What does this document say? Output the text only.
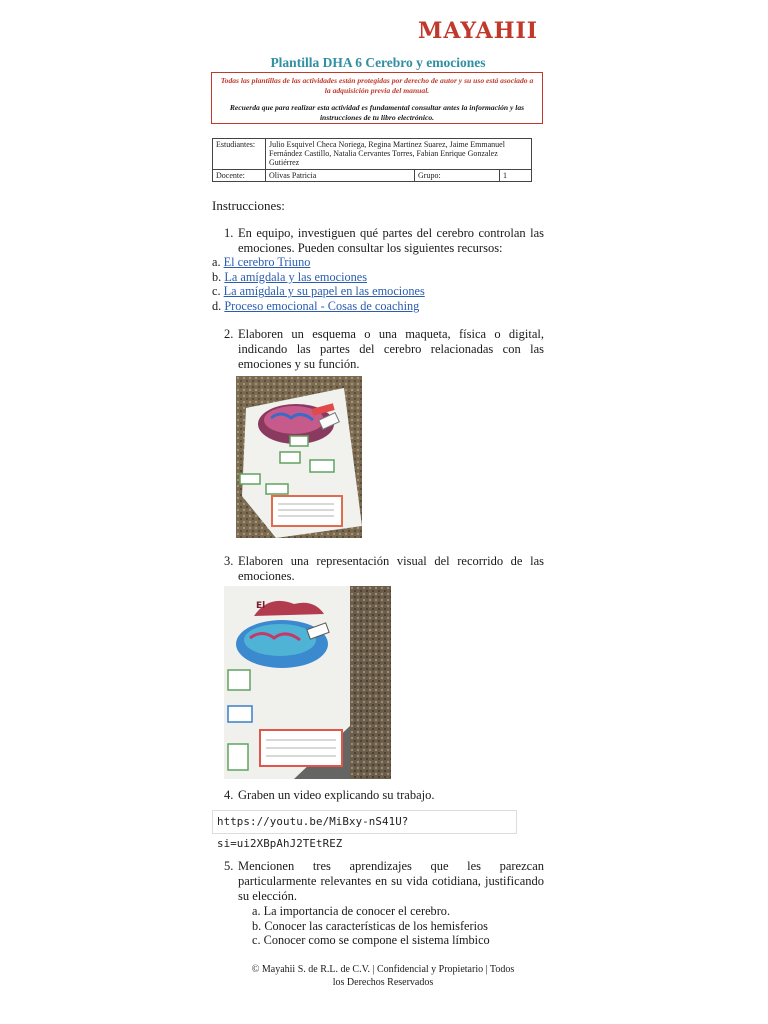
MAYAHII
Plantilla DHA 6 Cerebro y emociones
Todas las plantillas de las actividades están protegidas por derecho de autor y su uso está asociado a la adquisición previa del manual.
Recuerda que para realizar esta actividad es fundamental consultar antes la información y las instrucciones de tu libro electrónico.
Estudiantes:	Julio Esquivel Checa Noriega, Regina Martinez Suarez, Jaime Emmanuel Fernández Castillo, Natalia Cervantes Torres, Fabian Enrique Gonzalez Gutiérrez		
Docente:	Olivas Patricia	Grupo:	1
Instrucciones:
1. En equipo, investiguen qué partes del cerebro controlan las emociones. Pueden consultar los siguientes recursos:
a. El cerebro Triuno
b. La amígdala y las emociones
c. La amígdala y su papel en las emociones
d. Proceso emocional - Cosas de coaching
2. Elaboren un esquema o una maqueta, física o digital, indicando las partes del cerebro relacionadas con las emociones y su función.
3. Elaboren una representación visual del recorrido de las emociones.
El
4. Graben un video explicando su trabajo.
https://youtu.be/MiBxy-nS41U?si=ui2XBpAhJ2TEtREZ
5. Mencionen tres aprendizajes que les parezcan particularmente relevantes en su vida cotidiana, justificando su elección.
a. La importancia de conocer el cerebro.
b. Conocer las características de los hemisferios
c. Conocer como se compone el sistema límbico
© Mayahii S. de R.L. de C.V. | Confidencial y Propietario | Todos
los Derechos Reservados
